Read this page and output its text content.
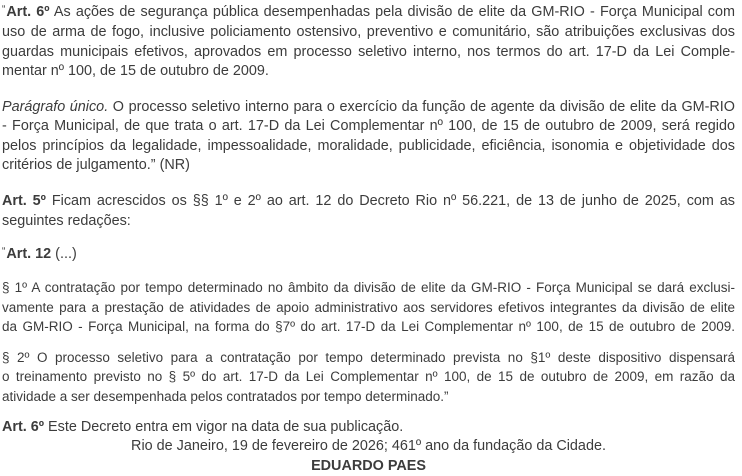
“Art. 6º As ações de segurança pública desempenhadas pela divisão de elite da GM-RIO - Força Municipal com
uso de arma de fogo, inclusive policiamento ostensivo, preventivo e comunitário, são atribuições exclusivas dos
guardas municipais efetivos, aprovados em processo seletivo interno, nos termos do art. 17-D da Lei Comple-
mentar nº 100, de 15 de outubro de 2009.
Parágrafo único. O processo seletivo interno para o exercício da função de agente da divisão de elite da GM-RIO
- Força Municipal, de que trata o art. 17-D da Lei Complementar nº 100, de 15 de outubro de 2009, será regido
pelos princípios da legalidade, impessoalidade, moralidade, publicidade, eficiência, isonomia e objetividade dos
critérios de julgamento.” (NR)
Art. 5º Ficam acrescidos os §§ 1º e 2º ao art. 12 do Decreto Rio nº 56.221, de 13 de junho de 2025, com as
seguintes redações:
“Art. 12 (...)
§ 1º A contratação por tempo determinado no âmbito da divisão de elite da GM-RIO - Força Municipal se dará exclusi-
vamente para a prestação de atividades de apoio administrativo aos servidores efetivos integrantes da divisão de elite
da GM-RIO - Força Municipal, na forma do §7º do art. 17-D da Lei Complementar nº 100, de 15 de outubro de 2009.
§ 2º O processo seletivo para a contratação por tempo determinado prevista no §1º deste dispositivo dispensará
o treinamento previsto no § 5º do art. 17-D da Lei Complementar nº 100, de 15 de outubro de 2009, em razão da
atividade a ser desempenhada pelos contratados por tempo determinado.”
Art. 6º Este Decreto entra em vigor na data de sua publicação.
Rio de Janeiro, 19 de fevereiro de 2026; 461º ano da fundação da Cidade.
EDUARDO PAES
